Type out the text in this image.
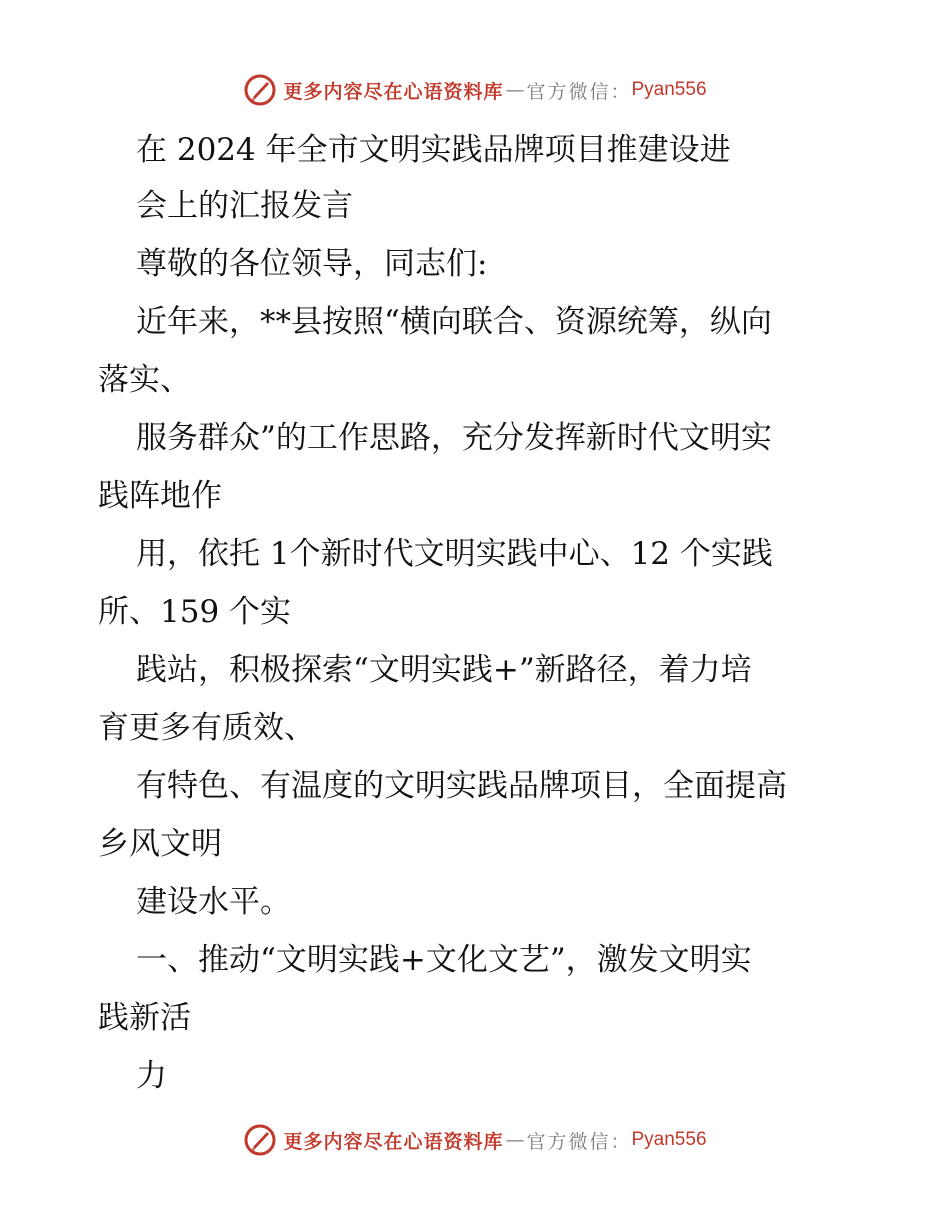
更多内容尽在心语资料库 — 官方微信： Pyan556
在 2024 年全市文明实践品牌项目推建设进
会上的汇报发言
尊敬的各位领导，同志们:
近年来，**县按照“横向联合、资源统筹，纵向
落实、
服务群众”的工作思路，充分发挥新时代文明实
践阵地作
用，依托 1个新时代文明实践中心、12 个实践
所、159 个实
践站，积极探索“文明实践+”新路径，着力培
育更多有质效、
有特色、有温度的文明实践品牌项目，全面提高
乡风文明
建设水平。
一、推动“文明实践+文化文艺”，激发文明实
践新活
力
更多内容尽在心语资料库 — 官方微信： Pyan556
